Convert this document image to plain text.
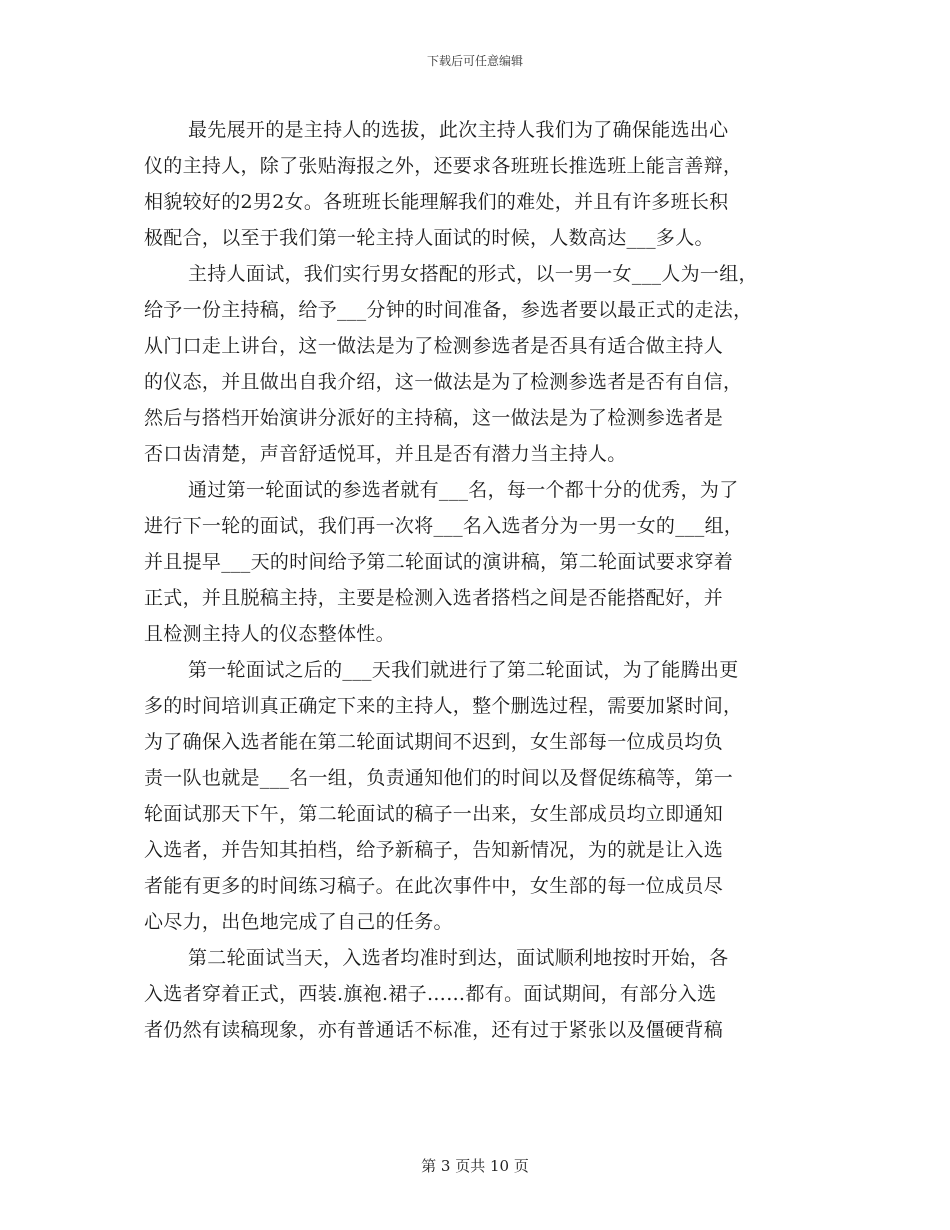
下载后可任意编辑
最先展开的是主持人的选拔，此次主持人我们为了确保能选出心
仪的主持人，除了张贴海报之外，还要求各班班长推选班上能言善辩，
相貌较好的2男2女。各班班长能理解我们的难处，并且有许多班长积
极配合，以至于我们第一轮主持人面试的时候，人数高达___多人。
主持人面试，我们实行男女搭配的形式，以一男一女___人为一组，
给予一份主持稿，给予___分钟的时间准备，参选者要以最正式的走法，
从门口走上讲台，这一做法是为了检测参选者是否具有适合做主持人
的仪态，并且做出自我介绍，这一做法是为了检测参选者是否有自信，
然后与搭档开始演讲分派好的主持稿，这一做法是为了检测参选者是
否口齿清楚，声音舒适悦耳，并且是否有潜力当主持人。
通过第一轮面试的参选者就有___名，每一个都十分的优秀，为了
进行下一轮的面试，我们再一次将___名入选者分为一男一女的___组，
并且提早___天的时间给予第二轮面试的演讲稿，第二轮面试要求穿着
正式，并且脱稿主持，主要是检测入选者搭档之间是否能搭配好，并
且检测主持人的仪态整体性。
第一轮面试之后的___天我们就进行了第二轮面试，为了能腾出更
多的时间培训真正确定下来的主持人，整个删选过程，需要加紧时间，
为了确保入选者能在第二轮面试期间不迟到，女生部每一位成员均负
责一队也就是___名一组，负责通知他们的时间以及督促练稿等，第一
轮面试那天下午，第二轮面试的稿子一出来，女生部成员均立即通知
入选者，并告知其拍档，给予新稿子，告知新情况，为的就是让入选
者能有更多的时间练习稿子。在此次事件中，女生部的每一位成员尽
心尽力，出色地完成了自己的任务。
第二轮面试当天，入选者均准时到达，面试顺利地按时开始，各
入选者穿着正式，西装.旗袍.裙子……都有。面试期间，有部分入选
者仍然有读稿现象，亦有普通话不标准，还有过于紧张以及僵硬背稿
第 3 页共 10 页
